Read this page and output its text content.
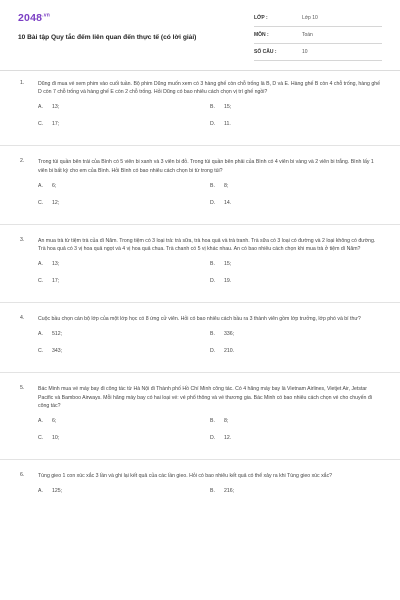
$2048^{.vn}$
10 Bài tập Quy tắc đếm liên quan đến thực tế (có lời giải)
LỚP :	Lớp 10
MÔN :	Toán
SỐ CÂU :	10
1.	Dũng đi mua vé xem phim vào cuối tuần. Bộ phim Dũng muốn xem có 3 hàng ghế còn chỗ trống là B, D và E. Hàng ghế B còn 4 chỗ trống, hàng ghế D còn 7 chỗ trống và hàng ghế E còn 2 chỗ trống. Hỏi Dũng có bao nhiêu cách chọn vị trí ghế ngồi?
A. 13;	B. 15;
C. 17;	D. 11.
2.	Trong túi quần bên trái của Bình có 5 viên bi xanh và 3 viên bi đỏ. Trong túi quần bên phải của Bình có 4 viên bi vàng và 2 viên bi trắng. Bình lấy 1 viên bi bất kỳ cho em của Bình. Hỏi Bình có bao nhiêu cách chọn bi từ trong túi?
A. 6;	B. 8;
C. 12;	D. 14.
3.	An mua trà từ tiệm trà của dì Năm. Trong tiệm có 3 loại trà: trà sữa, trà hoa quả và trà tranh. Trà sữa có 3 loại có đường và 2 loại không có đường. Trà hoa quả có 3 vị hoa quả ngọt và 4 vị hoa quả chua. Trà chanh có 5 vị khác nhau. An có bao nhiêu cách chọn khi mua trà ở tiệm dì Năm?
A. 13;	B. 15;
C. 17;	D. 19.
4.	Cuộc bầu chọn cán bộ lớp của một lớp học có 8 ứng cử viên. Hỏi có bao nhiêu cách bầu ra 3 thành viên gồm lớp trưởng, lớp phó và bí thư?
A. 512;	B. 336;
C. 343;	D. 210.
5.	Bác Minh mua vé máy bay đi công tác từ Hà Nội đi Thành phố Hồ Chí Minh công tác. Có 4 hãng máy bay là Vietnam Airlines, Vietjet Air, Jetstar Pacific và Bamboo Airways. Mỗi hãng máy bay có hai loại vé: vé phổ thông và vé thương gia. Bác Minh có bao nhiêu cách chọn vé cho chuyến đi công tác?
A. 6;	B. 8;
C. 10;	D. 12.
6.	Tùng gieo 1 con xúc xắc 3 lần và ghi lại kết quả của các lần gieo. Hỏi có bao nhiêu kết quả có thể xảy ra khi Tùng gieo xúc xắc?
A. 125;	B. 216;
